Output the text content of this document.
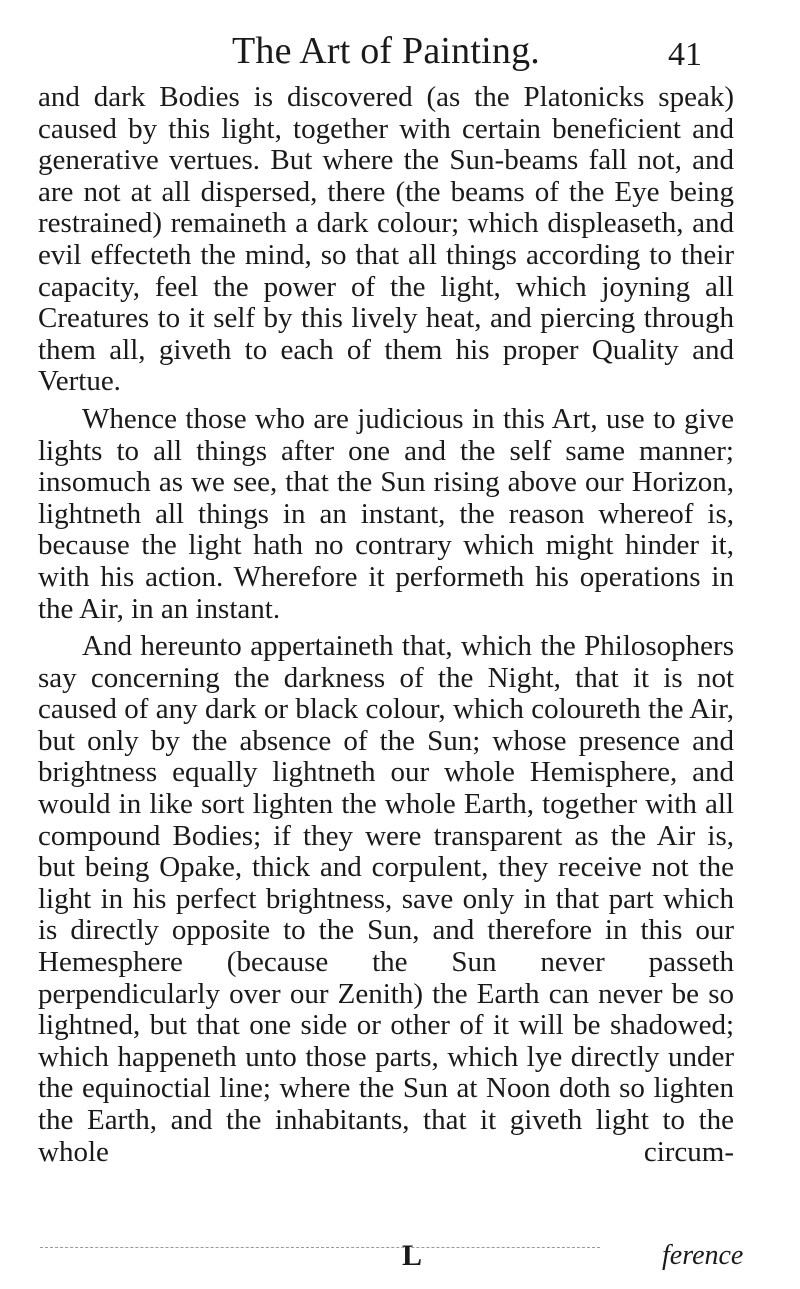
The Art of Painting.	41

and dark Bodies is discovered (as the Platonicks speak) caused by this light, together with certain beneficient and generative vertues. But where the Sun-beams fall not, and are not at all dispersed, there (the beams of the Eye being restrained) remaineth a dark colour; which displeaseth, and evil effecteth the mind, so that all things according to their capacity, feel the power of the light, which joyning all Creatures to it self by this lively heat, and piercing through them all, giveth to each of them his proper Quality and Vertue.

Whence those who are judicious in this Art, use to give lights to all things after one and the self same manner; insomuch as we see, that the Sun rising above our Horizon, lightneth all things in an instant, the reason whereof is, because the light hath no contrary which might hinder it, with his action. Wherefore it performeth his operations in the Air, in an instant.

And hereunto appertaineth that, which the Philosophers say concerning the darkness of the Night, that it is not caused of any dark or black colour, which coloureth the Air, but only by the absence of the Sun; whose presence and brightness equally lightneth our whole Hemisphere, and would in like sort lighten the whole Earth, together with all compound Bodies; if they were transparent as the Air is, but being Opake, thick and corpulent, they receive not the light in his perfect brightness, save only in that part which is directly opposite to the Sun, and therefore in this our Hemesphere (because the Sun never passeth perpendicularly over our Zenith) the Earth can never be so lightned, but that one side or other of it will be shadowed; which happeneth unto those parts, which lye directly under the equinoctial line; where the Sun at Noon doth so lighten the Earth, and the inhabitants, that it giveth light to the whole circum-

L	ference
